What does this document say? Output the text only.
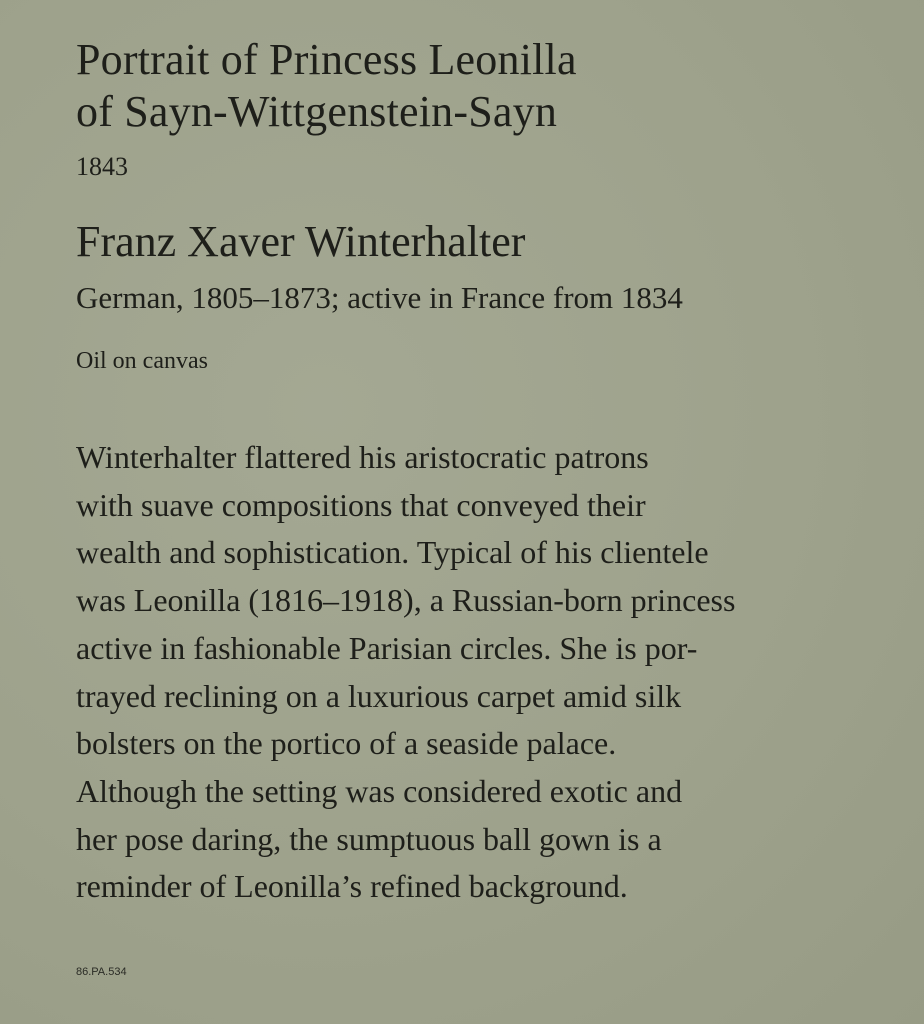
Portrait of Princess Leonilla
of Sayn-Wittgenstein-Sayn
1843
Franz Xaver Winterhalter
German, 1805–1873; active in France from 1834
Oil on canvas
Winterhalter flattered his aristocratic patrons
with suave compositions that conveyed their
wealth and sophistication. Typical of his clientele
was Leonilla (1816–1918), a Russian-born princess
active in fashionable Parisian circles. She is por-
trayed reclining on a luxurious carpet amid silk
bolsters on the portico of a seaside palace.
Although the setting was considered exotic and
her pose daring, the sumptuous ball gown is a
reminder of Leonilla’s refined background.
86.PA.534
